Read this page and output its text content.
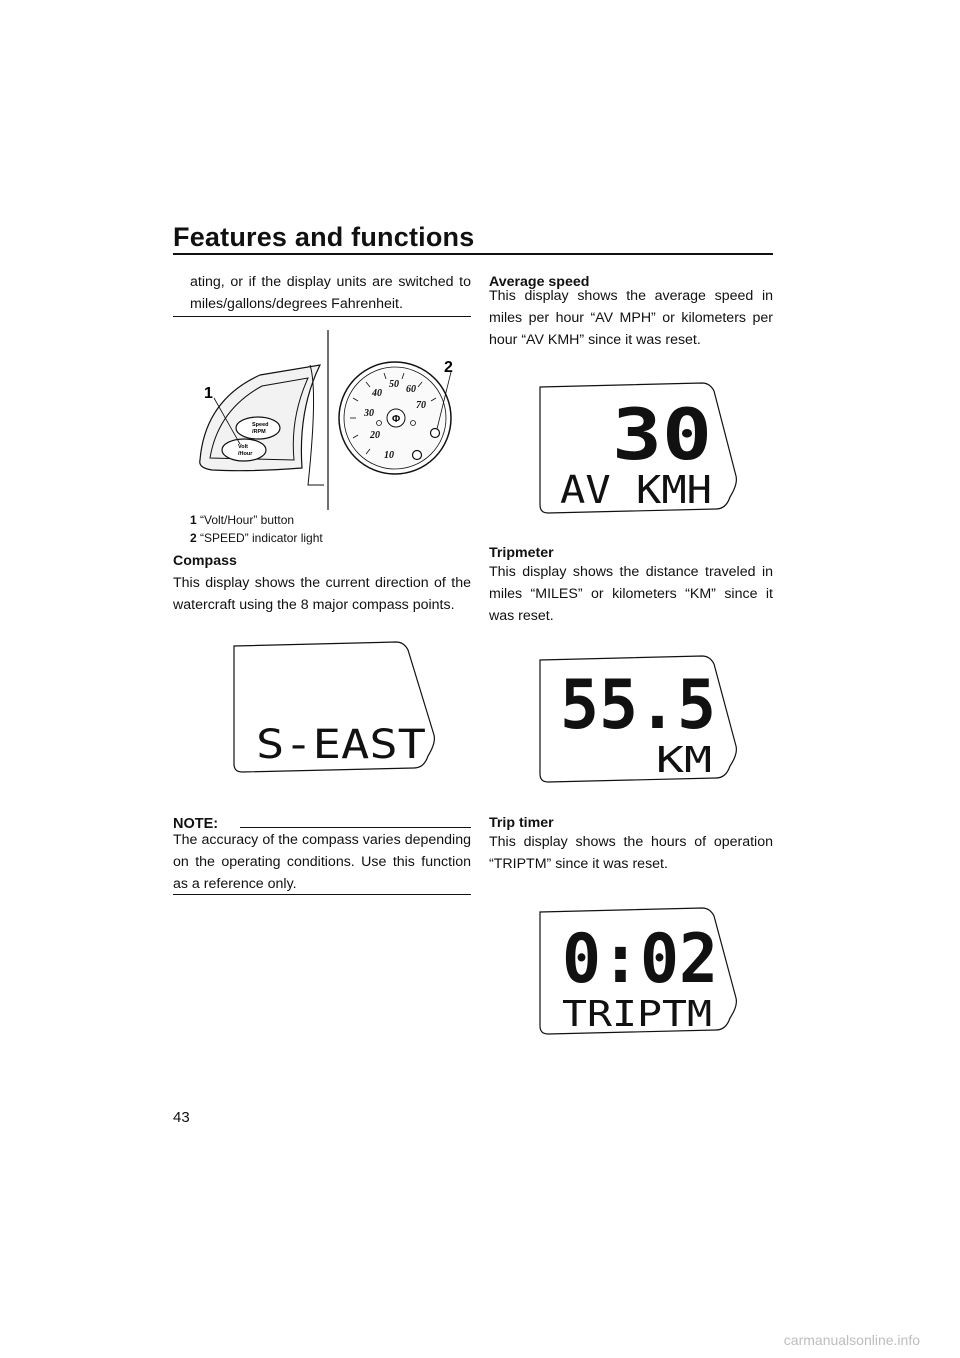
Features and functions
ating, or if the display units are switched to miles/gallons/degrees Fahrenheit.
Speed
/RPM
Volt
/Hour
1
10
20
30
40
50 60
70
Φ
2
1 “Volt/Hour” button
2 “SPEED” indicator light
Compass
This display shows the current direction of the watercraft using the 8 major compass points.
S-EAST
NOTE:
The accuracy of the compass varies depending on the operating conditions. Use this function as a reference only.
Average speed
This display shows the average speed in miles per hour “AV MPH” or kilometers per hour “AV KMH” since it was reset.
30
AV KMH
Tripmeter
This display shows the distance traveled in miles “MILES” or kilometers “KM” since it was reset.
55.5
KM
Trip timer
This display shows the hours of operation “TRIPTM” since it was reset.
0:02
TRIPTM
43
carmanualsonline.info
